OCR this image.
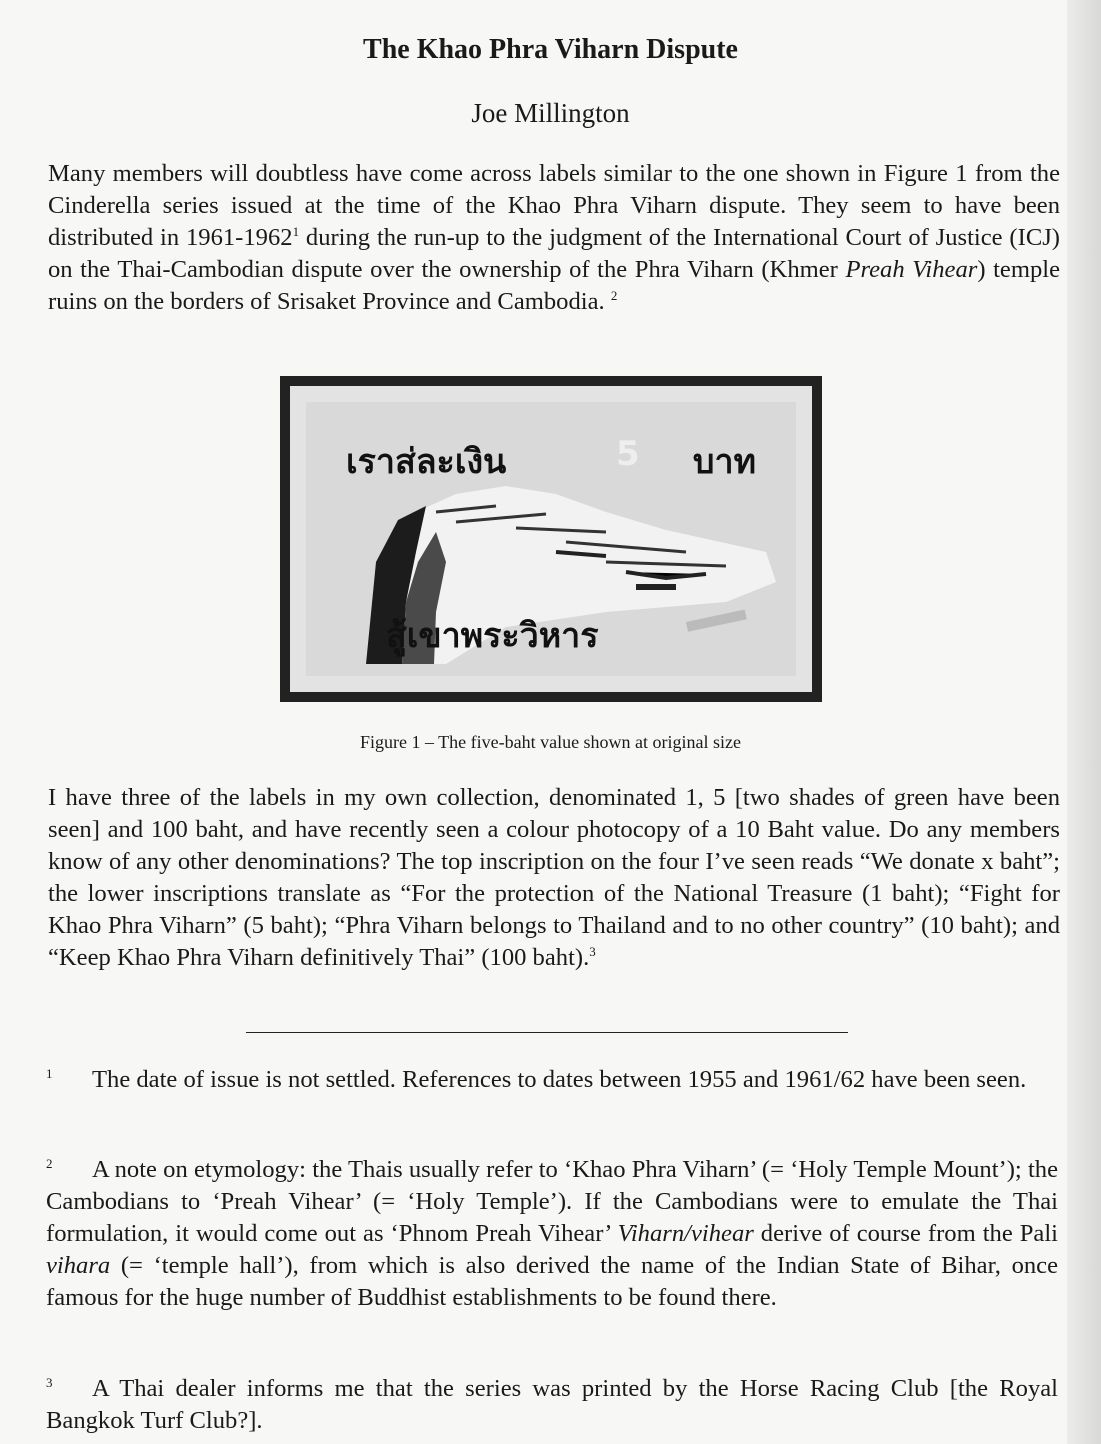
The Khao Phra Viharn Dispute
Joe Millington
Many members will doubtless have come across labels similar to the one shown in Figure 1 from the Cinderella series issued at the time of the Khao Phra Viharn dispute. They seem to have been distributed in 1961-1962$^1$ during the run-up to the judgment of the International Court of Justice (ICJ) on the Thai-Cambodian dispute over the ownership of the Phra Viharn (Khmer Preah Vihear) temple ruins on the borders of Srisaket Province and Cambodia. $^2$
เราส่ละเงิน	5 บาท
สู้เขาพระวิหาร
Figure 1 – The five-baht value shown at original size
I have three of the labels in my own collection, denominated 1, 5 [two shades of green have been seen] and 100 baht, and have recently seen a colour photocopy of a 10 Baht value. Do any members know of any other denominations? The top inscription on the four I’ve seen reads “We donate x baht”; the lower inscriptions translate as “For the protection of the National Treasure (1 baht); “Fight for Khao Phra Viharn” (5 baht); “Phra Viharn belongs to Thailand and to no other country” (10 baht); and “Keep Khao Phra Viharn definitively Thai” (100 baht).$^3$
$^1$ The date of issue is not settled. References to dates between 1955 and 1961/62 have been seen.
$^2$ A note on etymology: the Thais usually refer to ‘Khao Phra Viharn’ (= ‘Holy Temple Mount’); the Cambodians to ‘Preah Vihear’ (= ‘Holy Temple’). If the Cambodians were to emulate the Thai formulation, it would come out as ‘Phnom Preah Vihear’ Viharn/vihear derive of course from the Pali vihara (= ‘temple hall’), from which is also derived the name of the Indian State of Bihar, once famous for the huge number of Buddhist establishments to be found there.
$^3$ A Thai dealer informs me that the series was printed by the Horse Racing Club [the Royal Bangkok Turf Club?].
